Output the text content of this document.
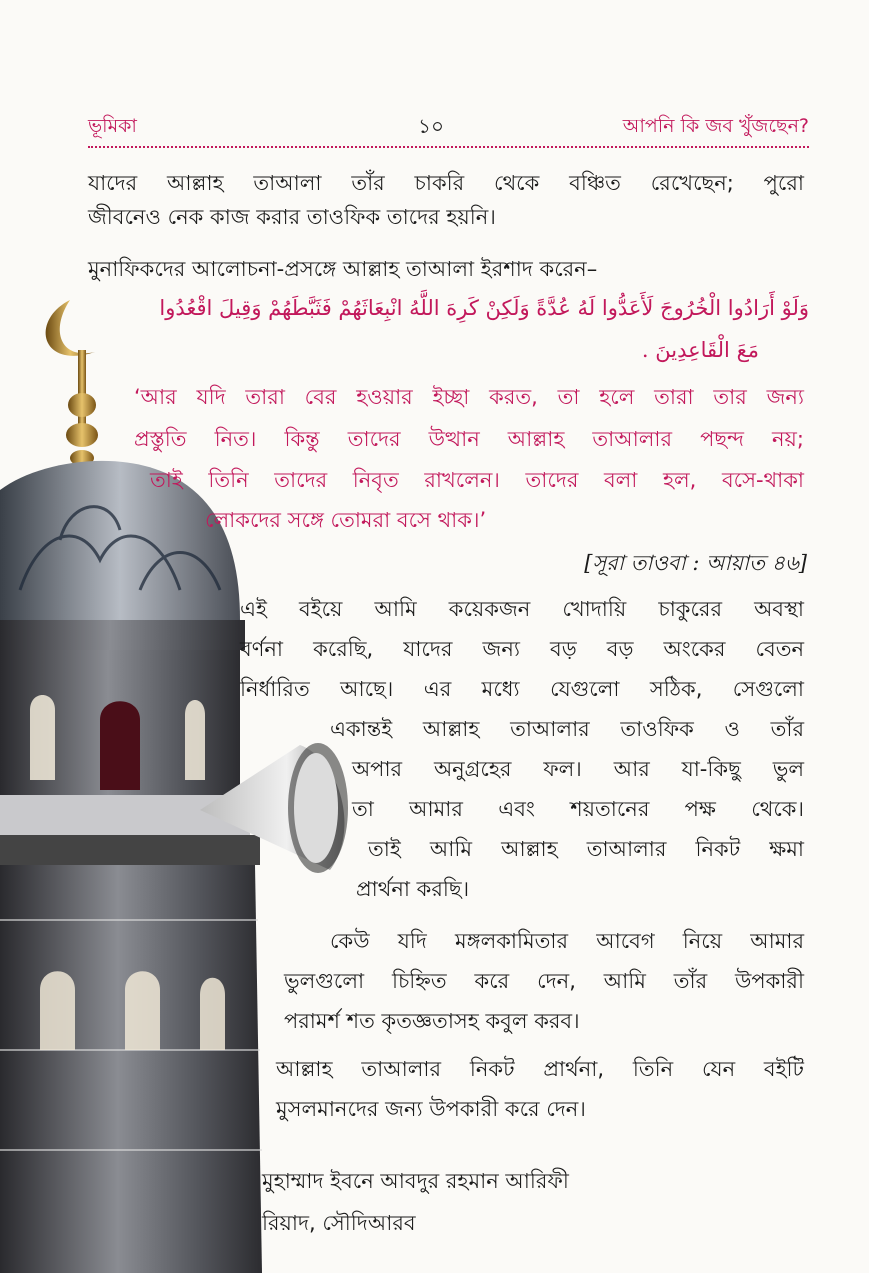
ভূমিকা	১০	আপনি কি জব খুঁজছেন?
যাদের আল্লাহ তাআলা তাঁর চাকরি থেকে বঞ্চিত রেখেছেন; পুরো
জীবনেও নেক কাজ করার তাওফিক তাদের হয়নি।
মুনাফিকদের আলোচনা-প্রসঙ্গে আল্লাহ তাআলা ইরশাদ করেন–
وَلَوْ أَرَادُوا الْخُرُوجَ لَأَعَدُّوا لَهُ عُدَّةً وَلَكِنْ كَرِهَ اللَّهُ انْبِعَاثَهُمْ فَثَبَّطَهُمْ وَقِيلَ اقْعُدُوا
مَعَ الْقَاعِدِينَ .
‘আর যদি তারা বের হওয়ার ইচ্ছা করত, তা হলে তারা তার জন্য
প্রস্তুতি নিত। কিন্তু তাদের উত্থান আল্লাহ তাআলার পছন্দ নয়;
তাই তিনি তাদের নিবৃত রাখলেন। তাদের বলা হল, বসে-থাকা
লোকদের সঙ্গে তোমরা বসে থাক।’
[সূরা তাওবা : আয়াত ৪৬]
এই বইয়ে আমি কয়েকজন খোদায়ি চাকুরের অবস্থা
বর্ণনা করেছি, যাদের জন্য বড় বড় অংকের বেতন
নির্ধারিত আছে। এর মধ্যে যেগুলো সঠিক, সেগুলো
একান্তই আল্লাহ তাআলার তাওফিক ও তাঁর
অপার অনুগ্রহের ফল। আর যা-কিছু ভুল
তা আমার এবং শয়তানের পক্ষ থেকে।
তাই আমি আল্লাহ তাআলার নিকট ক্ষমা
প্রার্থনা করছি।
কেউ যদি মঙ্গলকামিতার আবেগ নিয়ে আমার
ভুলগুলো চিহ্নিত করে দেন, আমি তাঁর উপকারী
পরামর্শ শত কৃতজ্ঞতাসহ কবুল করব।
আল্লাহ তাআলার নিকট প্রার্থনা, তিনি যেন বইটি
মুসলমানদের জন্য উপকারী করে দেন।
মুহাম্মাদ ইবনে আবদুর রহমান আরিফী
রিয়াদ, সৌদিআরব
